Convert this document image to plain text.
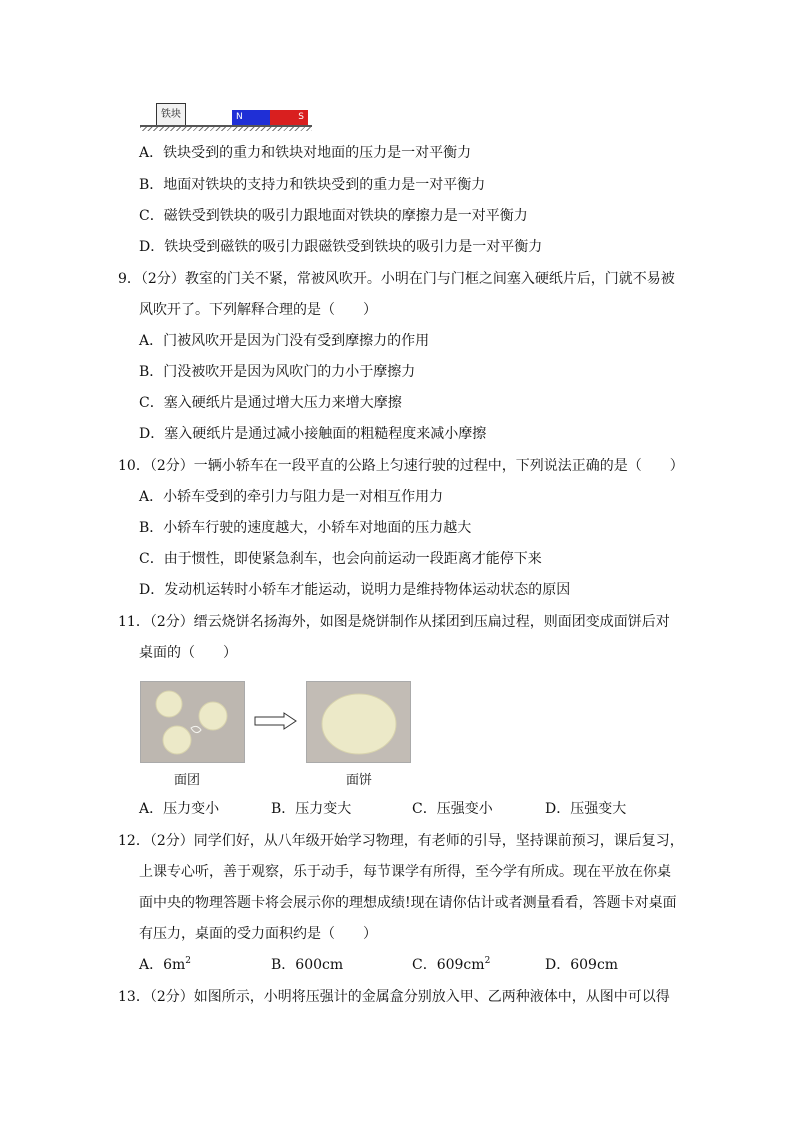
铁块	N	S
A．铁块受到的重力和铁块对地面的压力是一对平衡力
B．地面对铁块的支持力和铁块受到的重力是一对平衡力
C．磁铁受到铁块的吸引力跟地面对铁块的摩擦力是一对平衡力
D．铁块受到磁铁的吸引力跟磁铁受到铁块的吸引力是一对平衡力
9．（2分）教室的门关不紧，常被风吹开。小明在门与门框之间塞入硬纸片后，门就不易被
风吹开了。下列解释合理的是（　　）
A．门被风吹开是因为门没有受到摩擦力的作用
B．门没被吹开是因为风吹门的力小于摩擦力
C．塞入硬纸片是通过增大压力来增大摩擦
D．塞入硬纸片是通过减小接触面的粗糙程度来减小摩擦
10．（2分）一辆小轿车在一段平直的公路上匀速行驶的过程中，下列说法正确的是（　　）
A．小轿车受到的牵引力与阻力是一对相互作用力
B．小轿车行驶的速度越大，小轿车对地面的压力越大
C．由于惯性，即使紧急刹车，也会向前运动一段距离才能停下来
D．发动机运转时小轿车才能运动，说明力是维持物体运动状态的原因
11．（2分）缙云烧饼名扬海外，如图是烧饼制作从揉团到压扁过程，则面团变成面饼后对
桌面的（　　）
面团	面饼
A．压力变小	B．压力变大	C．压强变小	D．压强变大
12．（2分）同学们好，从八年级开始学习物理，有老师的引导，坚持课前预习，课后复习，
上课专心听，善于观察，乐于动手，每节课学有所得，至今学有所成。现在平放在你桌
面中央的物理答题卡将会展示你的理想成绩!现在请你估计或者测量看看，答题卡对桌面
有压力，桌面的受力面积约是（　　）
A．$6m^2$	B．600cm	C．$609cm^2$	D．609cm
13．（2分）如图所示，小明将压强计的金属盒分别放入甲、乙两种液体中，从图中可以得
